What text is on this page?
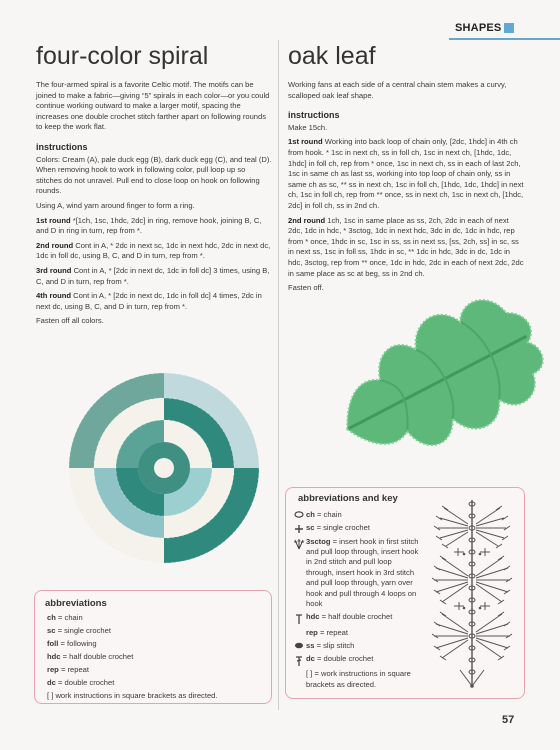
SHAPES
four-color spiral

The four-armed spiral is a favorite Celtic motif. The motifs can be joined to make a fabric—giving “5” spirals in each color—or you could continue working outward to make a larger motif, spacing the increases one double crochet stitch farther apart on following rounds to keep the work flat.

instructions

Colors: Cream (A), pale duck egg (B), dark duck egg (C), and teal (D). When removing hook to work in following color, pull loop up so stitches do not unravel. Pull end to close loop on hook on following rounds.

Using A, wind yarn around finger to form a ring.

1st round *[1ch, 1sc, 1hdc, 2dc] in ring, remove hook, joining B, C, and D in ring in turn, rep from *.

2nd round Cont in A, * 2dc in next sc, 1dc in next hdc, 2dc in next dc, 1dc in foll dc, using B, C, and D in turn, rep from *.

3rd round Cont in A, * [2dc in next dc, 1dc in foll dc] 3 times, using B, C, and D in turn, rep from *.

4th round Cont in A, * [2dc in next dc, 1dc in foll dc] 4 times, 2dc in next dc, using B, C, and D in turn, rep from *.

Fasten off all colors.

abbreviations
ch = chain
sc = single crochet
foll = following
hdc = half double crochet
rep = repeat
dc = double crochet
[ ] work instructions in square brackets as directed.
oak leaf

Working fans at each side of a central chain stem makes a curvy, scalloped oak leaf shape.

instructions

Make 15ch.

1st round Working into back loop of chain only, [2dc, 1hdc] in 4th ch from hook. * 1sc in next ch, ss in foll ch, 1sc in next ch, [1hdc, 1dc, 1hdc] in foll ch, rep from * once, 1sc in next ch, ss in each of last 2ch, 1sc in same ch as last ss, working into top loop of chain only, ss in same ch as sc, ** ss in next ch, 1sc in foll ch, [1hdc, 1dc, 1hdc] in next ch, 1sc in foll ch, rep from ** once, ss in next ch, 1sc in next ch, [1hdc, 2dc] in foll ch, ss in 2nd ch.

2nd round 1ch, 1sc in same place as ss, 2ch, 2dc in each of next 2dc, 1dc in hdc, * 3sctog, 1dc in next hdc, 3dc in dc, 1dc in hdc, rep from * once, 1hdc in sc, 1sc in ss, ss in next ss, [ss, 2ch, ss] in sc, ss in next ss, 1sc in foll ss, 1hdc in sc, ** 1dc in hdc, 3dc in dc, 1dc in hdc, 3sctog, rep from ** once, 1dc in hdc, 2dc in each of next 2dc, 2dc in same place as sc at beg, ss in 2nd ch.

Fasten off.

abbreviations and key
ch = chain
sc = single crochet
3sctog = insert hook in first stitch and pull loop through, insert hook in 2nd stitch and pull loop through, insert hook in 3rd stitch and pull loop through, yarn over hook and pull through 4 loops on hook
hdc = half double crochet
rep = repeat
ss = slip stitch
dc = double crochet
[ ] = work instructions in square brackets as directed.
57
